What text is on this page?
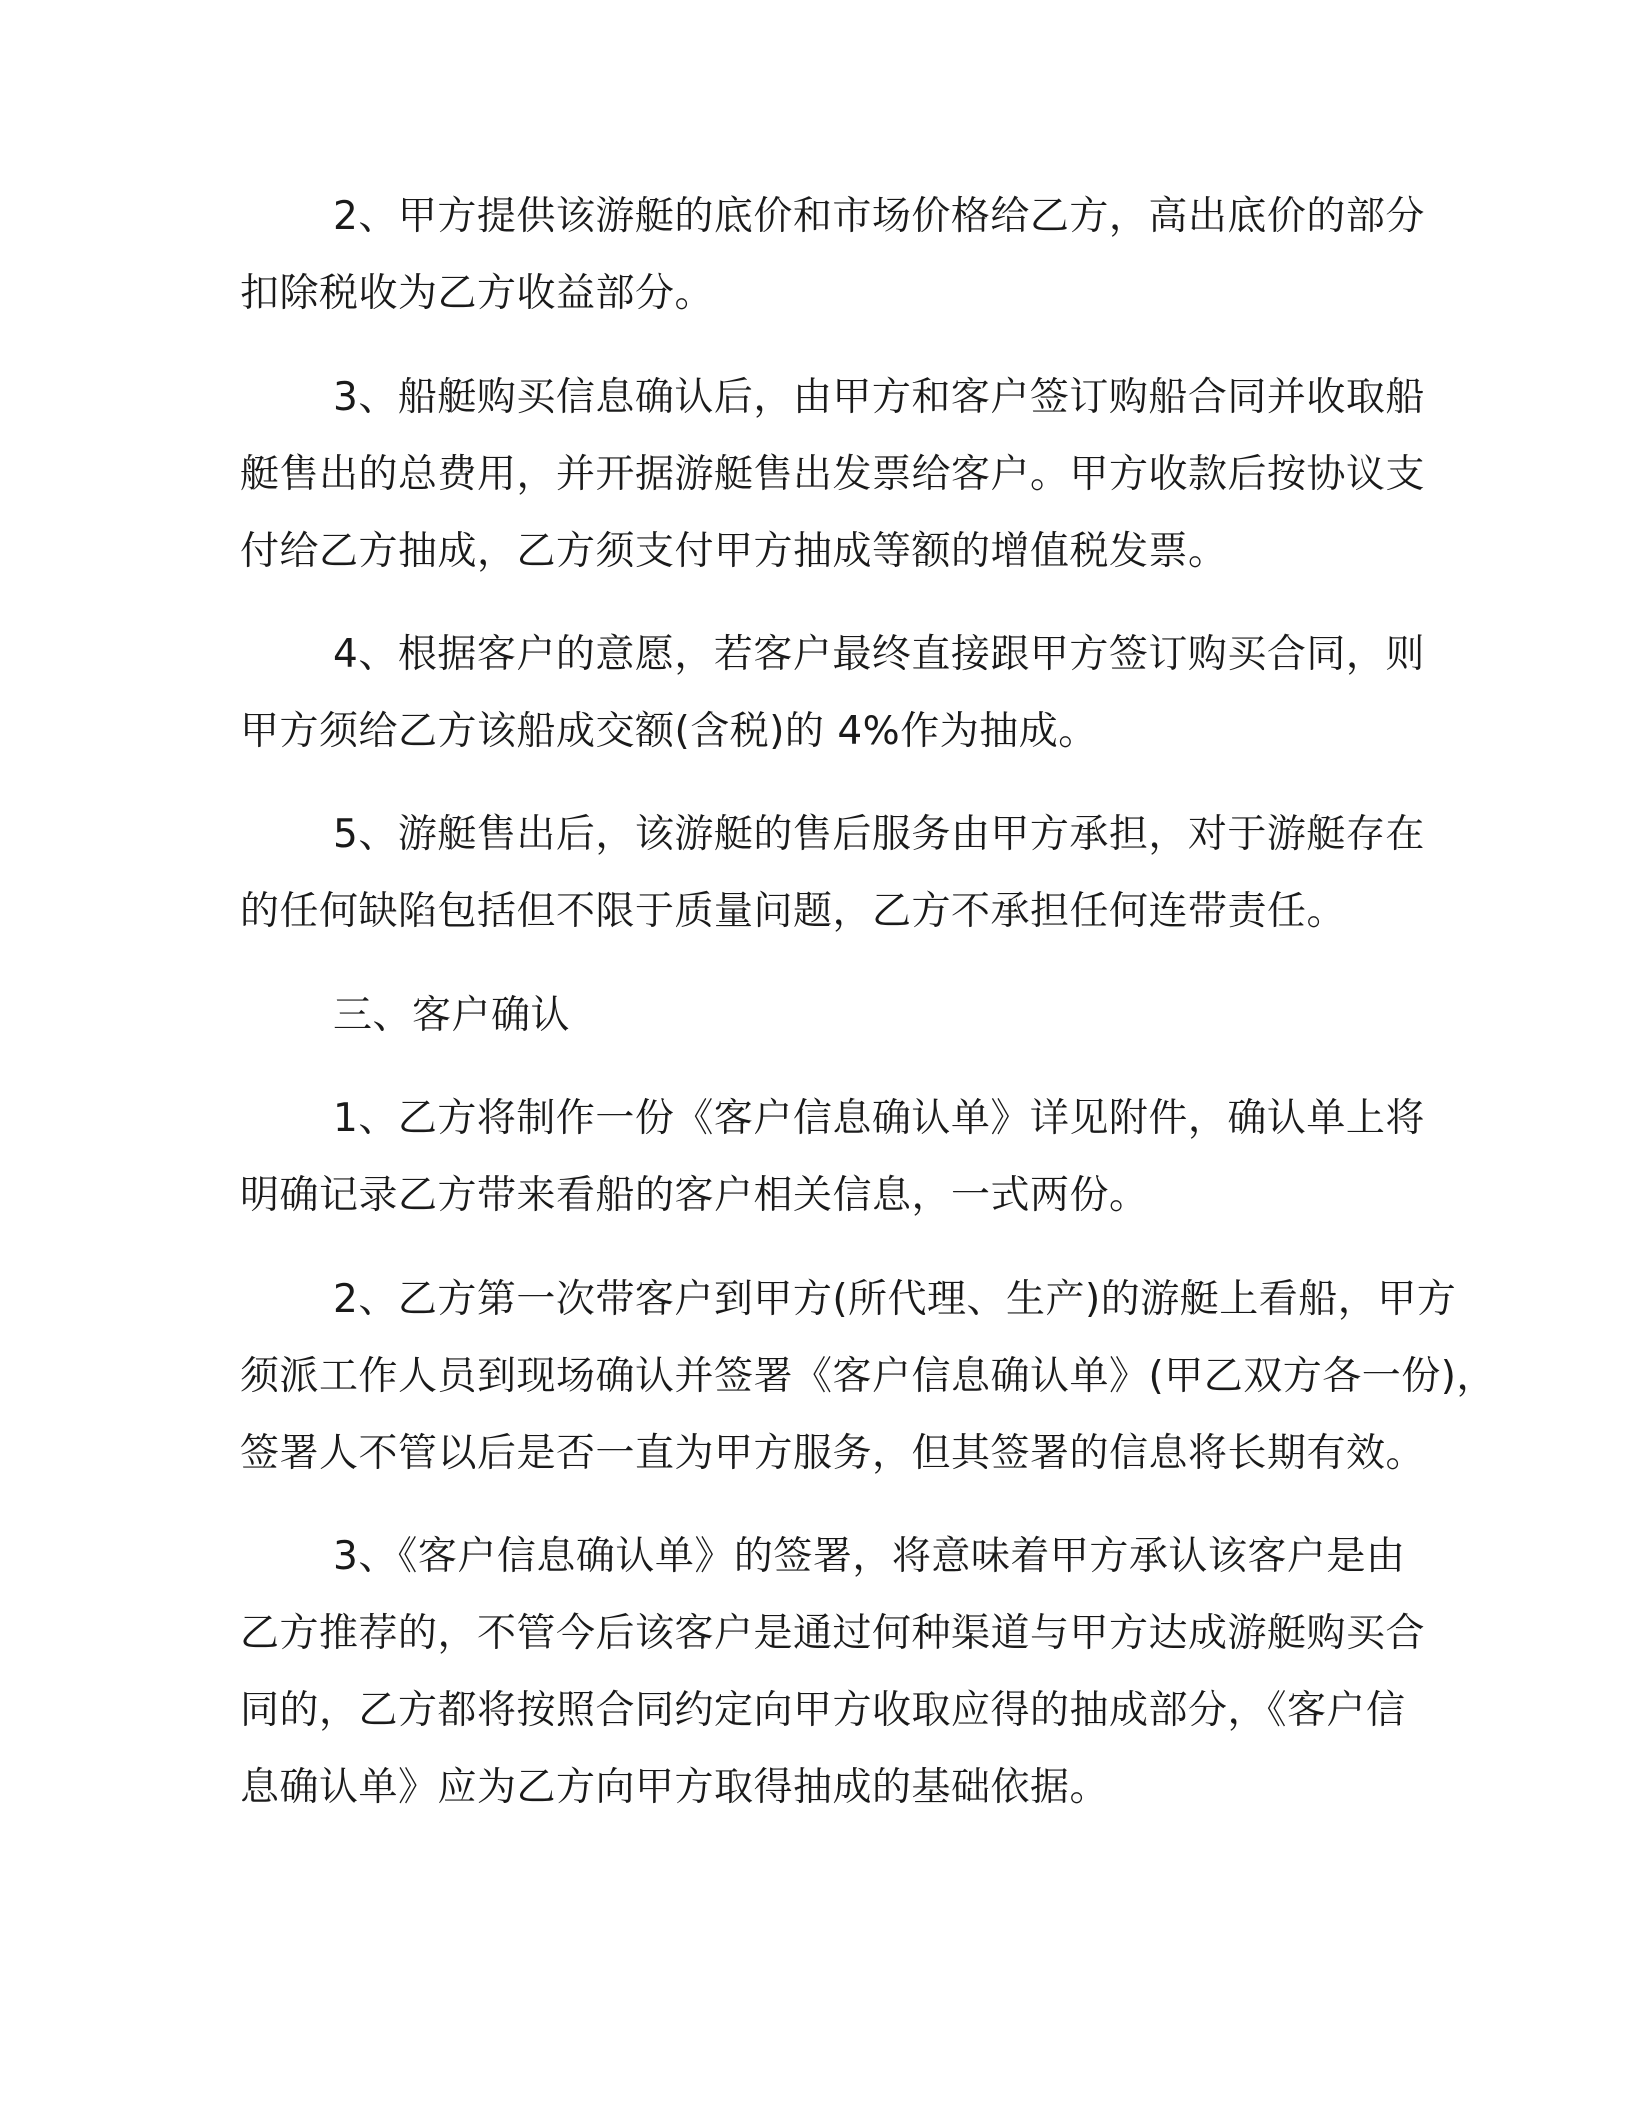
2、甲方提供该游艇的底价和市场价格给乙方，高出底价的部分
扣除税收为乙方收益部分。
3、船艇购买信息确认后，由甲方和客户签订购船合同并收取船
艇售出的总费用，并开据游艇售出发票给客户。甲方收款后按协议支
付给乙方抽成，乙方须支付甲方抽成等额的增值税发票。
4、根据客户的意愿，若客户最终直接跟甲方签订购买合同，则
甲方须给乙方该船成交额(含税)的 4%作为抽成。
5、游艇售出后，该游艇的售后服务由甲方承担，对于游艇存在
的任何缺陷包括但不限于质量问题，乙方不承担任何连带责任。
三、客户确认
1、乙方将制作一份《客户信息确认单》详见附件，确认单上将
明确记录乙方带来看船的客户相关信息，一式两份。
2、乙方第一次带客户到甲方(所代理、生产)的游艇上看船，甲方
须派工作人员到现场确认并签署《客户信息确认单》(甲乙双方各一份)，
签署人不管以后是否一直为甲方服务，但其签署的信息将长期有效。
3、《客户信息确认单》的签署，将意味着甲方承认该客户是由
乙方推荐的，不管今后该客户是通过何种渠道与甲方达成游艇购买合
同的，乙方都将按照合同约定向甲方收取应得的抽成部分，《客户信
息确认单》应为乙方向甲方取得抽成的基础依据。
